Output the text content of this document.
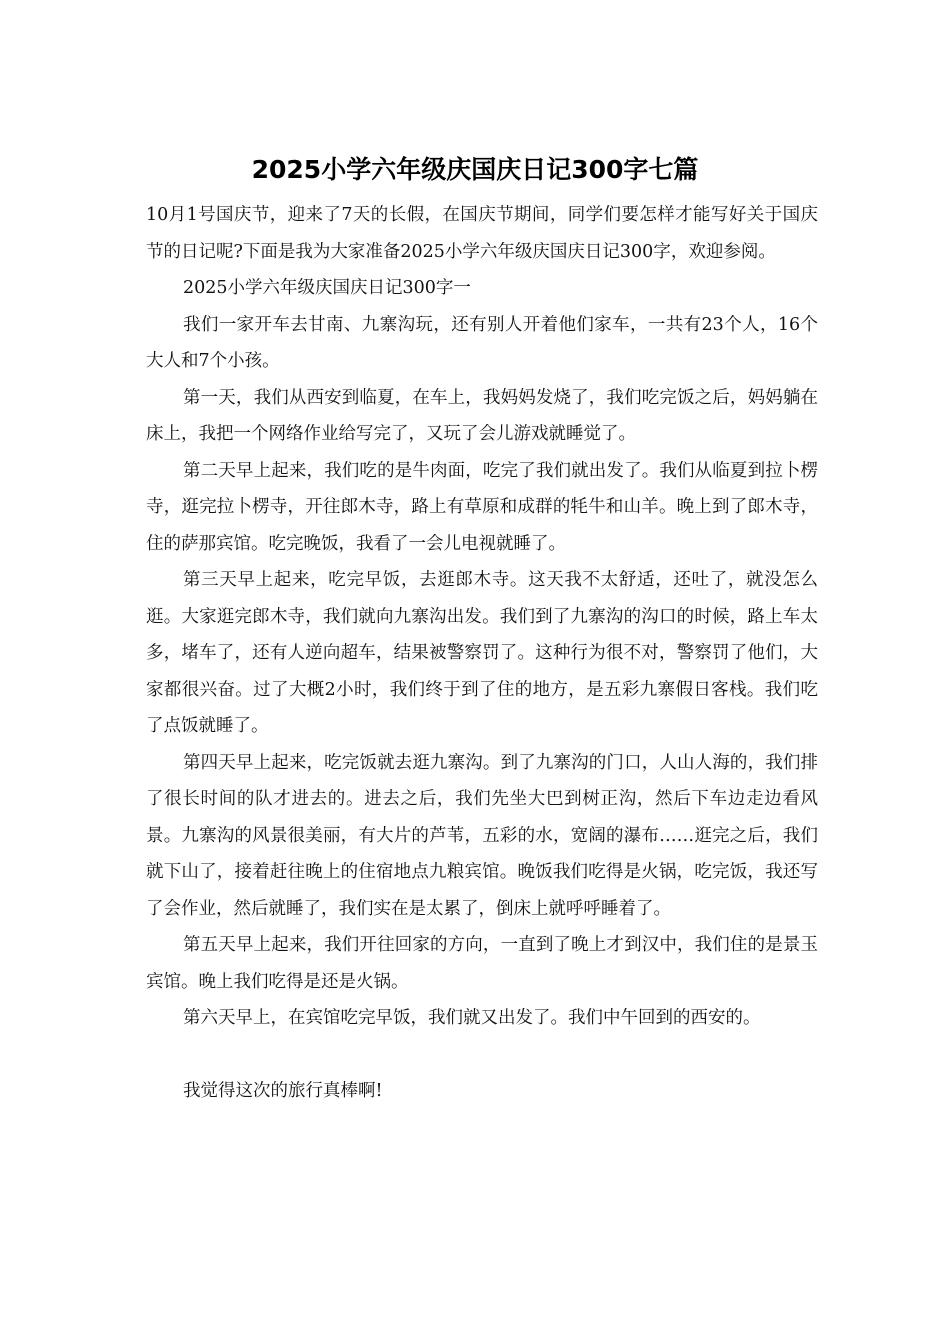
2025小学六年级庆国庆日记300字七篇

10月1号国庆节，迎来了7天的长假，在国庆节期间，同学们要怎样才能写好关于国庆节的日记呢?下面是我为大家准备2025小学六年级庆国庆日记300字，欢迎参阅。

2025小学六年级庆国庆日记300字一

我们一家开车去甘南、九寨沟玩，还有别人开着他们家车，一共有23个人，16个大人和7个小孩。

第一天，我们从西安到临夏，在车上，我妈妈发烧了，我们吃完饭之后，妈妈躺在床上，我把一个网络作业给写完了，又玩了会儿游戏就睡觉了。

第二天早上起来，我们吃的是牛肉面，吃完了我们就出发了。我们从临夏到拉卜楞寺，逛完拉卜楞寺，开往郎木寺，路上有草原和成群的牦牛和山羊。晚上到了郎木寺，住的萨那宾馆。吃完晚饭，我看了一会儿电视就睡了。

第三天早上起来，吃完早饭，去逛郎木寺。这天我不太舒适，还吐了，就没怎么逛。大家逛完郎木寺，我们就向九寨沟出发。我们到了九寨沟的沟口的时候，路上车太多，堵车了，还有人逆向超车，结果被警察罚了。这种行为很不对，警察罚了他们，大家都很兴奋。过了大概2小时，我们终于到了住的地方，是五彩九寨假日客栈。我们吃了点饭就睡了。

第四天早上起来，吃完饭就去逛九寨沟。到了九寨沟的门口，人山人海的，我们排了很长时间的队才进去的。进去之后，我们先坐大巴到树正沟，然后下车边走边看风景。九寨沟的风景很美丽，有大片的芦苇，五彩的水，宽阔的瀑布……逛完之后，我们就下山了，接着赶往晚上的住宿地点九粮宾馆。晚饭我们吃得是火锅，吃完饭，我还写了会作业，然后就睡了，我们实在是太累了，倒床上就呼呼睡着了。

第五天早上起来，我们开往回家的方向，一直到了晚上才到汉中，我们住的是景玉宾馆。晚上我们吃得是还是火锅。

第六天早上，在宾馆吃完早饭，我们就又出发了。我们中午回到的西安的。

我觉得这次的旅行真棒啊!
